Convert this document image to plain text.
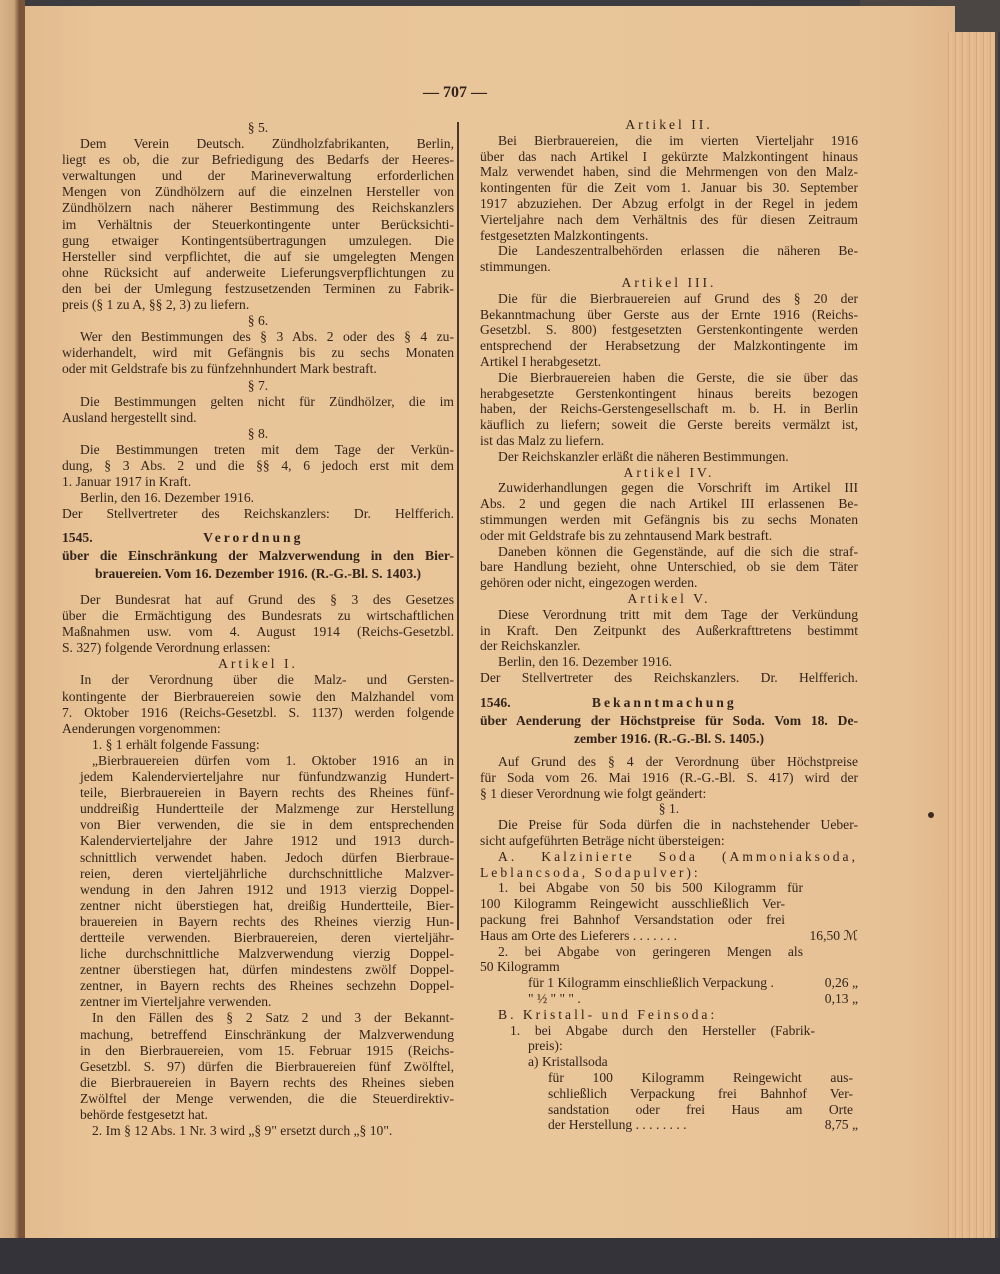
— 707 —
§ 5.
Dem Verein Deutsch. Zündholzfabrikanten, Berlin,
liegt es ob, die zur Befriedigung des Bedarfs der Heeres-
verwaltungen und der Marineverwaltung erforderlichen
Mengen von Zündhölzern auf die einzelnen Hersteller von
Zündhölzern nach näherer Bestimmung des Reichskanzlers
im Verhältnis der Steuerkontingente unter Berücksichti-
gung etwaiger Kontingentsübertragungen umzulegen. Die
Hersteller sind verpflichtet, die auf sie umgelegten Mengen
ohne Rücksicht auf anderweite Lieferungsverpflichtungen zu
den bei der Umlegung festzusetzenden Terminen zu Fabrik-
preis (§ 1 zu A, §§ 2, 3) zu liefern.
§ 6.
Wer den Bestimmungen des § 3 Abs. 2 oder des § 4 zu-
widerhandelt, wird mit Gefängnis bis zu sechs Monaten
oder mit Geldstrafe bis zu fünfzehnhundert Mark bestraft.
§ 7.
Die Bestimmungen gelten nicht für Zündhölzer, die im
Ausland hergestellt sind.
§ 8.
Die Bestimmungen treten mit dem Tage der Verkün-
dung, § 3 Abs. 2 und die §§ 4, 6 jedoch erst mit dem
1. Januar 1917 in Kraft.
Berlin, den 16. Dezember 1916.
Der Stellvertreter des Reichskanzlers: Dr. Helfferich.
1545.	Verordnung
über die Einschränkung der Malzverwendung in den Bier-
brauereien. Vom 16. Dezember 1916. (R.-G.-Bl. S. 1403.)
Der Bundesrat hat auf Grund des § 3 des Gesetzes
über die Ermächtigung des Bundesrats zu wirtschaftlichen
Maßnahmen usw. vom 4. August 1914 (Reichs-Gesetzbl.
S. 327) folgende Verordnung erlassen:
Artikel I.
In der Verordnung über die Malz- und Gersten-
kontingente der Bierbrauereien sowie den Malzhandel vom
7. Oktober 1916 (Reichs-Gesetzbl. S. 1137) werden folgende
Aenderungen vorgenommen:
1. § 1 erhält folgende Fassung:
„Bierbrauereien dürfen vom 1. Oktober 1916 an in
jedem Kalendervierteljahre nur fünfundzwanzig Hundert-
teile, Bierbrauereien in Bayern rechts des Rheines fünf-
unddreißig Hundertteile der Malzmenge zur Herstellung
von Bier verwenden, die sie in dem entsprechenden
Kalendervierteljahre der Jahre 1912 und 1913 durch-
schnittlich verwendet haben. Jedoch dürfen Bierbraue-
reien, deren vierteljährliche durchschnittliche Malzver-
wendung in den Jahren 1912 und 1913 vierzig Doppel-
zentner nicht überstiegen hat, dreißig Hundertteile, Bier-
brauereien in Bayern rechts des Rheines vierzig Hun-
dertteile verwenden. Bierbrauereien, deren vierteljähr-
liche durchschnittliche Malzverwendung vierzig Doppel-
zentner überstiegen hat, dürfen mindestens zwölf Doppel-
zentner, in Bayern rechts des Rheines sechzehn Doppel-
zentner im Vierteljahre verwenden.
In den Fällen des § 2 Satz 2 und 3 der Bekannt-
machung, betreffend Einschränkung der Malzverwendung
in den Bierbrauereien, vom 15. Februar 1915 (Reichs-
Gesetzbl. S. 97) dürfen die Bierbrauereien fünf Zwölftel,
die Bierbrauereien in Bayern rechts des Rheines sieben
Zwölftel der Menge verwenden, die die Steuerdirektiv-
behörde festgesetzt hat.
2. Im § 12 Abs. 1 Nr. 3 wird „§ 9" ersetzt durch „§ 10".
Artikel II.
Bei Bierbrauereien, die im vierten Vierteljahr 1916
über das nach Artikel I gekürzte Malzkontingent hinaus
Malz verwendet haben, sind die Mehrmengen von den Malz-
kontingenten für die Zeit vom 1. Januar bis 30. September
1917 abzuziehen. Der Abzug erfolgt in der Regel in jedem
Vierteljahre nach dem Verhältnis des für diesen Zeitraum
festgesetzten Malzkontingents.
Die Landeszentralbehörden erlassen die näheren Be-
stimmungen.
Artikel III.
Die für die Bierbrauereien auf Grund des § 20 der
Bekanntmachung über Gerste aus der Ernte 1916 (Reichs-
Gesetzbl. S. 800) festgesetzten Gerstenkontingente werden
entsprechend der Herabsetzung der Malzkontingente im
Artikel I herabgesetzt.
Die Bierbrauereien haben die Gerste, die sie über das
herabgesetzte Gerstenkontingent hinaus bereits bezogen
haben, der Reichs-Gerstengesellschaft m. b. H. in Berlin
käuflich zu liefern; soweit die Gerste bereits vermälzt ist,
ist das Malz zu liefern.
Der Reichskanzler erläßt die näheren Bestimmungen.
Artikel IV.
Zuwiderhandlungen gegen die Vorschrift im Artikel III
Abs. 2 und gegen die nach Artikel III erlassenen Be-
stimmungen werden mit Gefängnis bis zu sechs Monaten
oder mit Geldstrafe bis zu zehntausend Mark bestraft.
Daneben können die Gegenstände, auf die sich die straf-
bare Handlung bezieht, ohne Unterschied, ob sie dem Täter
gehören oder nicht, eingezogen werden.
Artikel V.
Diese Verordnung tritt mit dem Tage der Verkündung
in Kraft. Den Zeitpunkt des Außerkrafttretens bestimmt
der Reichskanzler.
Berlin, den 16. Dezember 1916.
Der Stellvertreter des Reichskanzlers. Dr. Helfferich.
1546.	Bekanntmachung
über Aenderung der Höchstpreise für Soda. Vom 18. De-
zember 1916. (R.-G.-Bl. S. 1405.)
Auf Grund des § 4 der Verordnung über Höchstpreise
für Soda vom 26. Mai 1916 (R.-G.-Bl. S. 417) wird der
§ 1 dieser Verordnung wie folgt geändert:
§ 1.
Die Preise für Soda dürfen die in nachstehender Ueber-
sicht aufgeführten Beträge nicht übersteigen:
A. Kalzinierte Soda (Ammoniaksoda,
Leblancsoda, Sodapulver):
1. bei Abgabe von 50 bis 500 Kilogramm für
100 Kilogramm Reingewicht ausschließlich Ver-
packung frei Bahnhof Versandstation oder frei
Haus am Orte des Lieferers . . . . . . .	16,50 ℳ
2. bei Abgabe von geringeren Mengen als
50 Kilogramm
für 1 Kilogramm einschließlich Verpackung .	0,26 „
" ½ " " " .	0,13 „
B. Kristall- und Feinsoda:
1. bei Abgabe durch den Hersteller (Fabrik-
preis):
a) Kristallsoda
für 100 Kilogramm Reingewicht aus-
schließlich Verpackung frei Bahnhof Ver-
sandstation oder frei Haus am Orte
der Herstellung . . . . . . . .	8,75 „
